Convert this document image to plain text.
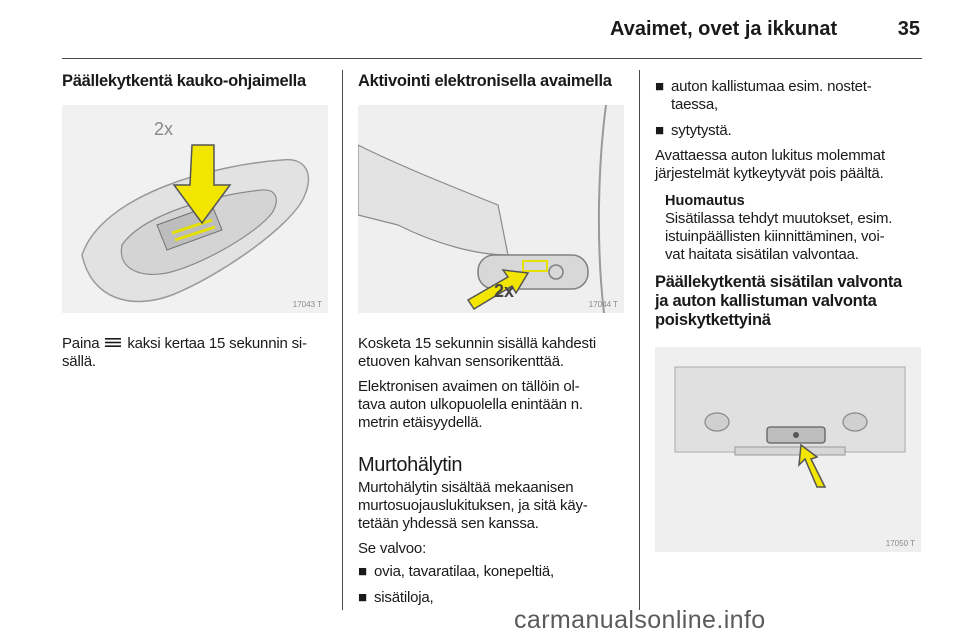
Avaimet, ovet ja ikkunat	35
Päällekytkentä kauko-ohjaimella
2x
17043 T

Paina kaksi kertaa 15 sekunnin si-
sällä.

Aktivointi elektronisella avaimella
2x
17044 T

Kosketa 15 sekunnin sisällä kahdesti
etuoven kahvan sensorikenttää.

Elektronisen avaimen on tällöin ol-
tava auton ulkopuolella enintään n.
metrin etäisyydellä.

Murtohälytin

Murtohälytin sisältää mekaanisen
murtosuojauslukituksen, ja sitä käy-
tetään yhdessä sen kanssa.

Se valvoo:

■ ovia, tavaratilaa, konepeltiä,
■ sisätiloja,
■ auton kallistumaa esim. nostet-
taessa,
■ sytytystä.

Avattaessa auton lukitus molemmat
järjestelmät kytkeytyvät pois päältä.

Huomautus
Sisätilassa tehdyt muutokset, esim.
istuinpäällisten kiinnittäminen, voi-
vat haitata sisätilan valvontaa.
Päällekytkentä sisätilan valvonta
ja auton kallistuman valvonta
poiskytkettyinä
17050 T
carmanualsonline.info
